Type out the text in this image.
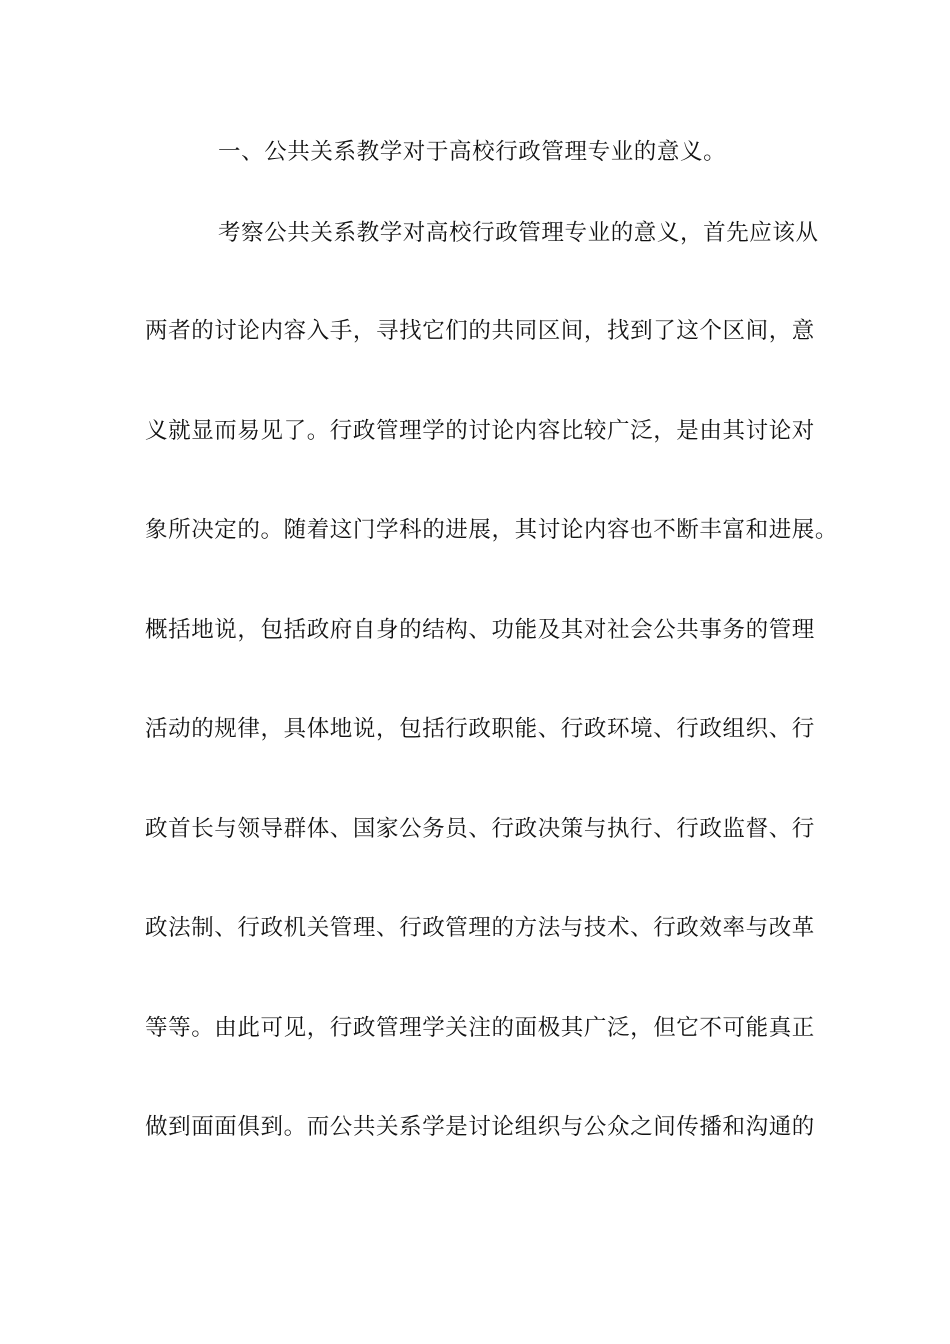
一、公共关系教学对于高校行政管理专业的意义。
考察公共关系教学对高校行政管理专业的意义，首先应该从
两者的讨论内容入手，寻找它们的共同区间，找到了这个区间，意
义就显而易见了。行政管理学的讨论内容比较广泛，是由其讨论对
象所决定的。随着这门学科的进展，其讨论内容也不断丰富和进展。
概括地说，包括政府自身的结构、功能及其对社会公共事务的管理
活动的规律，具体地说，包括行政职能、行政环境、行政组织、行
政首长与领导群体、国家公务员、行政决策与执行、行政监督、行
政法制、行政机关管理、行政管理的方法与技术、行政效率与改革
等等。由此可见，行政管理学关注的面极其广泛，但它不可能真正
做到面面俱到。而公共关系学是讨论组织与公众之间传播和沟通的
